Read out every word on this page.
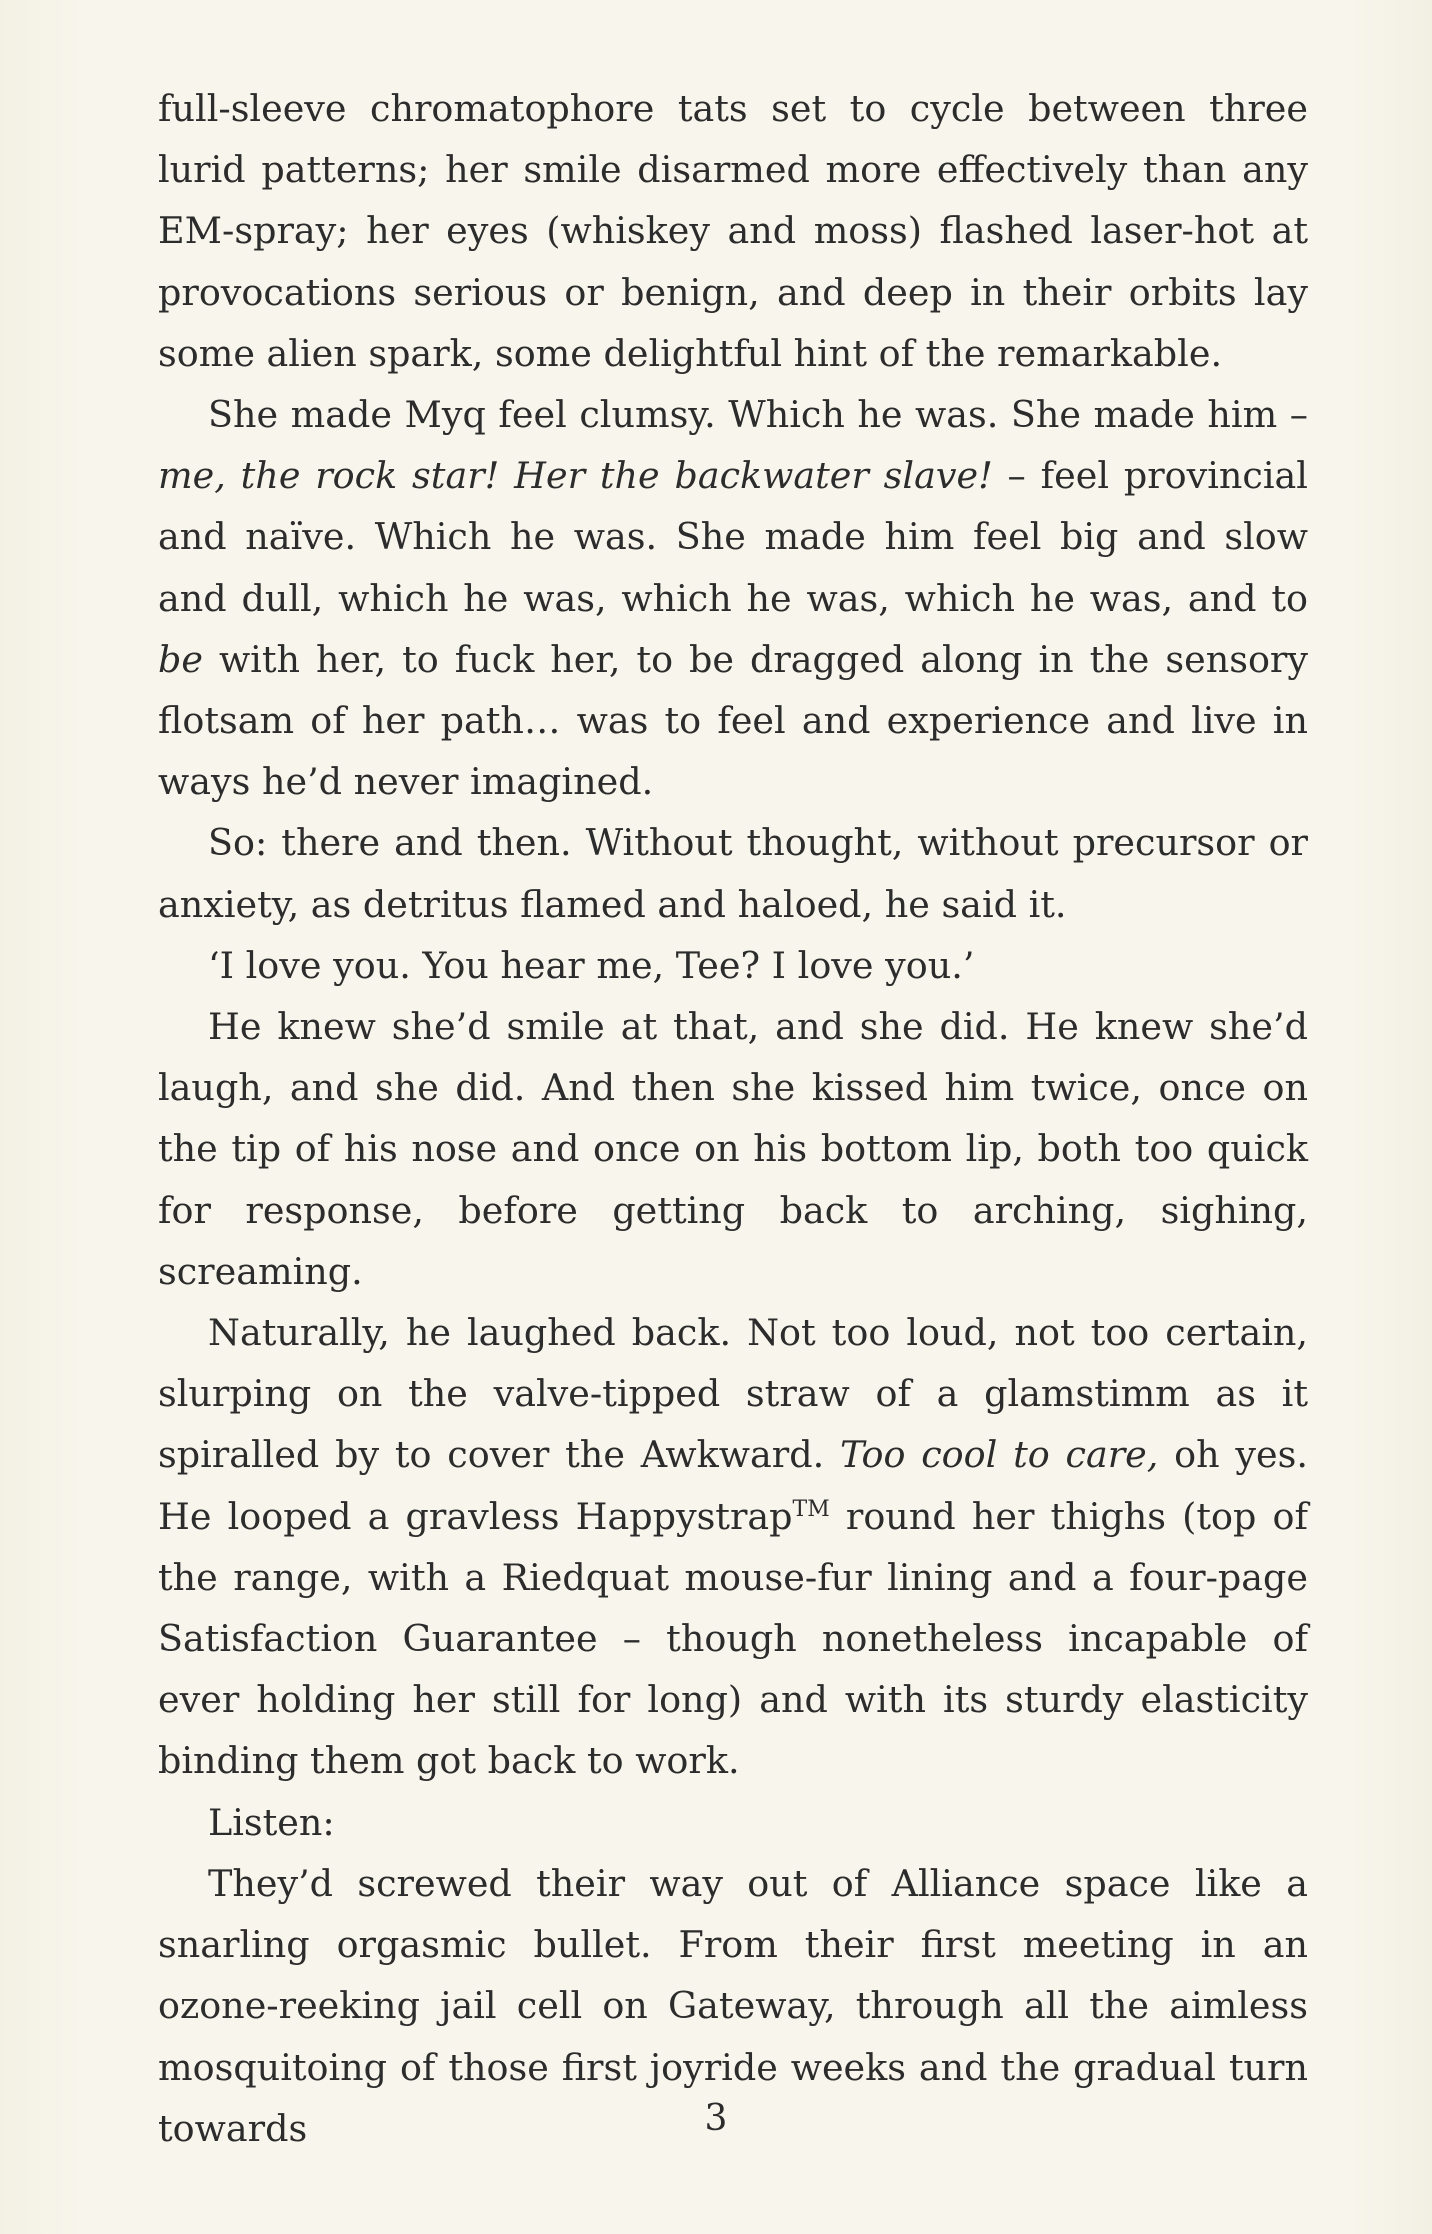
full-sleeve chromatophore tats set to cycle between three lurid patterns; her smile disarmed more effectively than any EM-spray; her eyes (whiskey and moss) flashed laser-hot at provocations serious or benign, and deep in their orbits lay some alien spark, some delightful hint of the remarkable.

She made Myq feel clumsy. Which he was. She made him – me, the rock star! Her the backwater slave! – feel provincial and naïve. Which he was. She made him feel big and slow and dull, which he was, which he was, which he was, and to be with her, to fuck her, to be dragged along in the sensory flotsam of her path… was to feel and experience and live in ways he’d never imagined.

So: there and then. Without thought, without precursor or anxiety, as detritus flamed and haloed, he said it.

‘I love you. You hear me, Tee? I love you.’

He knew she’d smile at that, and she did. He knew she’d laugh, and she did. And then she kissed him twice, once on the tip of his nose and once on his bottom lip, both too quick for response, before getting back to arching, sighing, screaming.

Naturally, he laughed back. Not too loud, not too certain, slurping on the valve-tipped straw of a glamstimm as it spiralled by to cover the Awkward. Too cool to care, oh yes. He looped a gravless Happystrap™ round her thighs (top of the range, with a Riedquat mouse-fur lining and a four-page Satisfaction Guarantee – though nonetheless incapable of ever holding her still for long) and with its sturdy elasticity binding them got back to work.

Listen:

They’d screwed their way out of Alliance space like a snarling orgasmic bullet. From their first meeting in an ozone-reeking jail cell on Gateway, through all the aimless mosquitoing of those first joyride weeks and the gradual turn towards	3
